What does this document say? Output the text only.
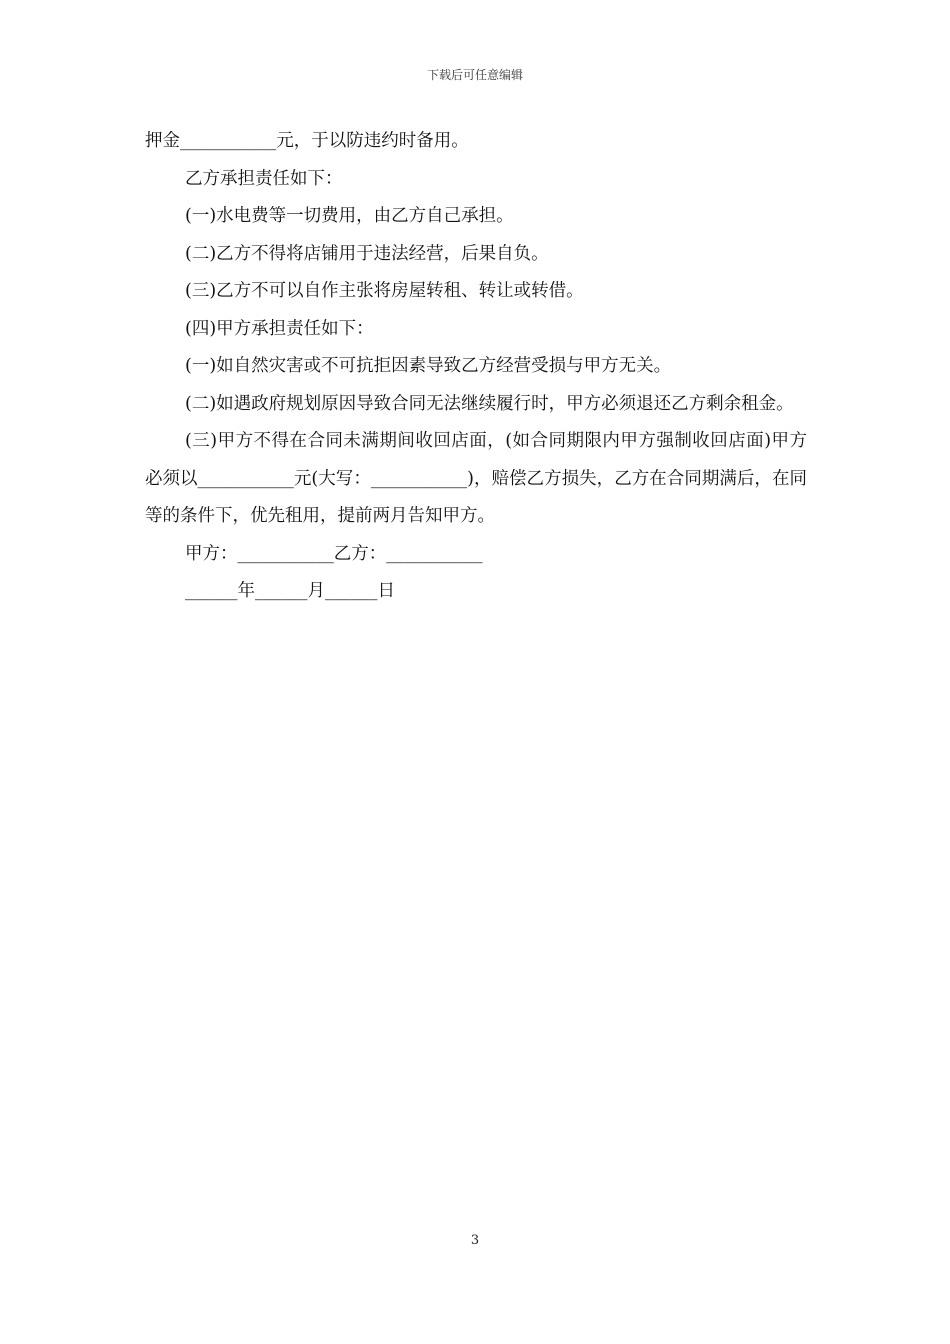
下载后可任意编辑

押金___________元，于以防违约时备用。

乙方承担责任如下：

(一)水电费等一切费用，由乙方自己承担。

(二)乙方不得将店铺用于违法经营，后果自负。

(三)乙方不可以自作主张将房屋转租、转让或转借。

(四)甲方承担责任如下：

(一)如自然灾害或不可抗拒因素导致乙方经营受损与甲方无关。

(二)如遇政府规划原因导致合同无法继续履行时，甲方必须退还乙方剩余租金。

(三)甲方不得在合同未满期间收回店面，(如合同期限内甲方强制收回店面)甲方必须以___________元(大写：___________)，赔偿乙方损失，乙方在合同期满后，在同等的条件下，优先租用，提前两月告知甲方。

甲方：___________乙方：___________

______年______月______日

3
